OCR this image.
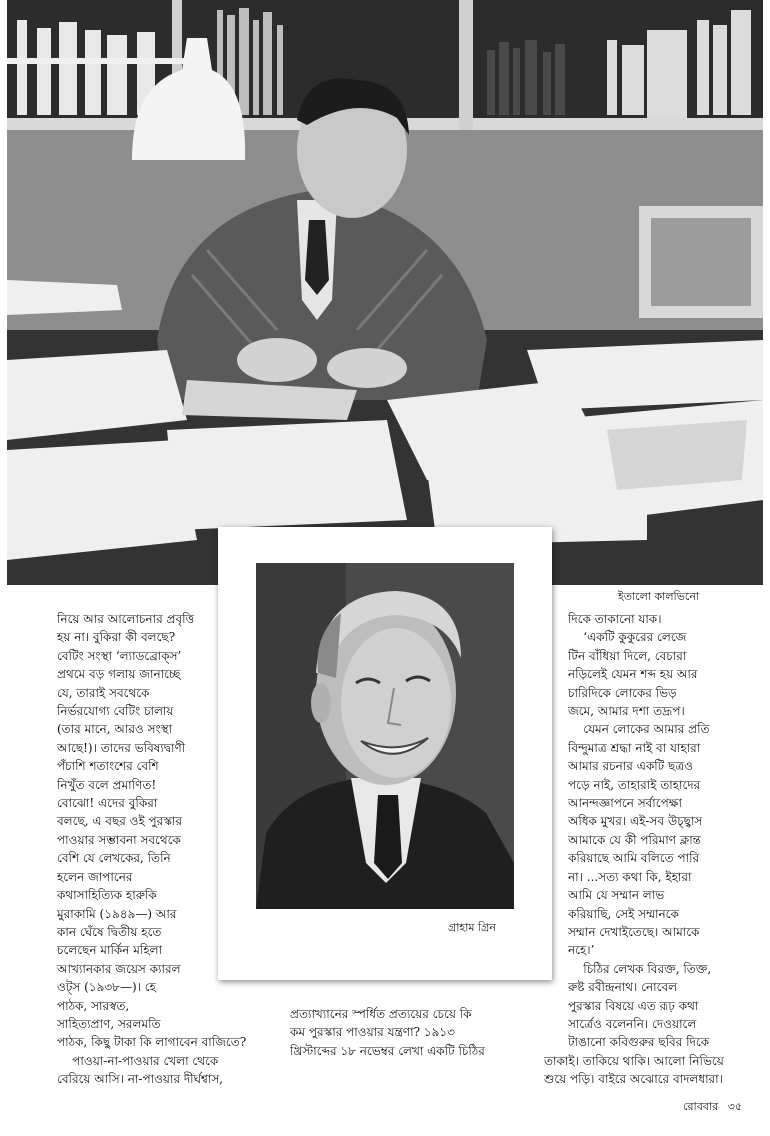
ইতালো কালভিনো

নিয়ে আর আলোচনার প্রবৃত্তি

হয় না। বুকিরা কী বলছে?

বেটিং সংস্থা ‘ল্যাডব্রোক্‌স’

প্রথমে বড় গলায় জানাচ্ছে

যে, তারাই সবথেকে

নির্ভরযোগ্য বেটিং চালায়

(তার মানে, আরও সংস্থা

আছে!)। তাদের ভবিষ্যদ্বাণী

পঁচাশি শতাংশের বেশি

নিখুঁত বলে প্রমাণিত!

বোঝো! এদের বুকিরা

বলছে, এ বছর ওই পুরস্কার

পাওয়ার সম্ভাবনা সবথেকে

বেশি যে লেখকের, তিনি

হলেন জাপানের

কথাসাহিত্যিক হারুকি

মুরাকামি (১৯৪৯—) আর

কান ঘেঁষে দ্বিতীয় হতে

চলেছেন মার্কিন মহিলা

আখ্যানকার জয়েস ক্যারল

ওট্‌স (১৯৩৮—)। হে

পাঠক, সারস্বত,

সাহিত্যপ্রাণ, সরলমতি

পাঠক, কিছু টাকা কি লাগাবেন বাজিতে?

পাওয়া-না-পাওয়ার খেলা থেকে

বেরিয়ে আসি। না-পাওয়ার দীর্ঘশ্বাস,

প্রত্যাখ্যানের স্পর্ধিত প্রত্যয়ের চেয়ে কি

কম পুরস্কার পাওয়ার যন্ত্রণা? ১৯১৩

খ্রিস্টাব্দের ১৮ নভেম্বর লেখা একটি চিঠির

দিকে তাকানো যাক।

‘একটি কুকুরের লেজে

টিন বাঁধিয়া দিলে, বেচারা

নড়িলেই যেমন শব্দ হয় আর

চারিদিকে লোকের ভিড়

জমে, আমার দশা তদ্রূপ।

যেমন লোকের আমার প্রতি

বিন্দুমাত্র শ্রদ্ধা নাই বা যাহারা

আমার রচনার একটি ছত্রও

পড়ে নাই, তাহারাই তাহাদের

আনন্দজ্ঞাপনে সর্বাপেক্ষা

অধিক মুখর। এই-সব উচ্ছ্বাস

আমাকে যে কী পরিমাণ ক্লান্ত

করিয়াছে আমি বলিতে পারি

না। ...সত্য কথা কি, ইহারা

আমি যে সম্মান লাভ

করিয়াছি, সেই সম্মানকে

সম্মান দেখাইতেছে। আমাকে

নহে।’

চিঠির লেখক বিরক্ত, তিক্ত,

রুষ্ট রবীন্দ্রনাথ। নোবেল

পুরস্কার বিষয়ে এত রূঢ় কথা

সার্ত্রেও বলেননি। দেওয়ালে

টাঙানো কবিগুরুর ছবির দিকে

তাকাই। তাকিয়ে থাকি। আলো নিভিয়ে

শুয়ে পড়ি। বাইরে অঝোরে বাদলধারা।

গ্রাহাম গ্রিন
রোববার ৩৫
